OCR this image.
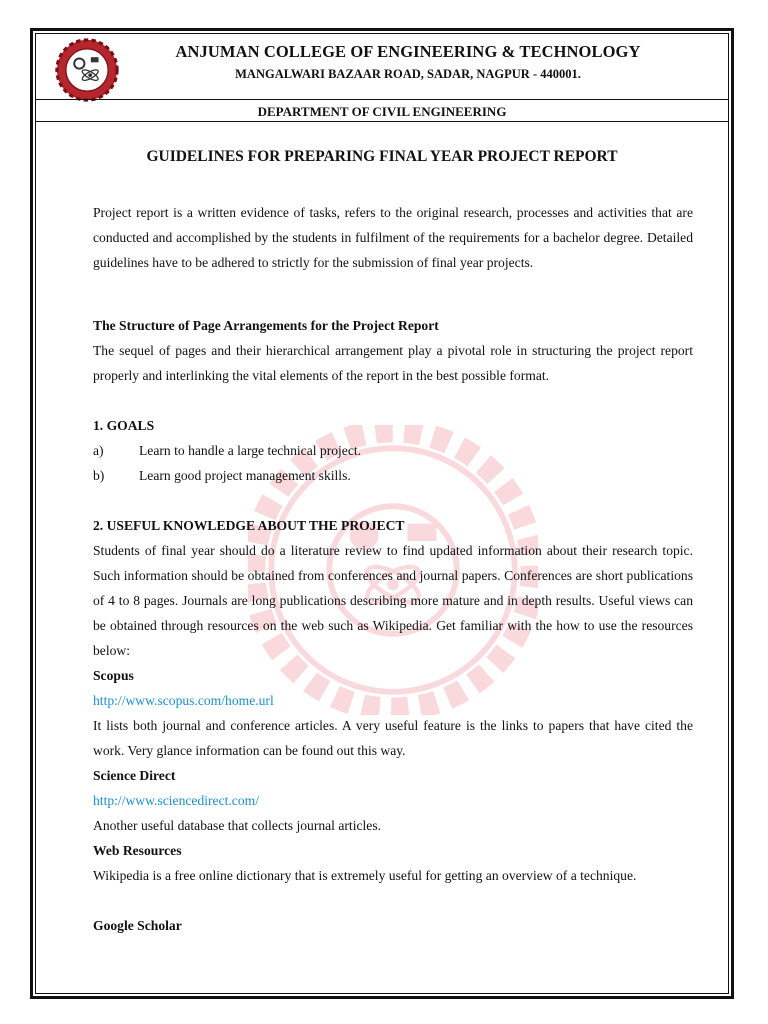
ANJUMAN COLLEGE OF ENGINEERING & TECHNOLOGY
MANGALWARI BAZAAR ROAD, SADAR, NAGPUR - 440001.
DEPARTMENT OF CIVIL ENGINEERING
GUIDELINES FOR PREPARING FINAL YEAR PROJECT REPORT

Project report is a written evidence of tasks, refers to the original research, processes and activities that are conducted and accomplished by the students in fulfilment of the requirements for a bachelor degree. Detailed guidelines have to be adhered to strictly for the submission of final year projects.

The Structure of Page Arrangements for the Project Report

The sequel of pages and their hierarchical arrangement play a pivotal role in structuring the project report properly and interlinking the vital elements of the report in the best possible format.

1. GOALS

a)	Learn to handle a large technical project.
b)	Learn good project management skills.

2. USEFUL KNOWLEDGE ABOUT THE PROJECT

Students of final year should do a literature review to find updated information about their research topic. Such information should be obtained from conferences and journal papers. Conferences are short publications of 4 to 8 pages. Journals are long publications describing more mature and in depth results. Useful views can be obtained through resources on the web such as Wikipedia. Get familiar with the how to use the resources below:

Scopus

http://www.scopus.com/home.url

It lists both journal and conference articles. A very useful feature is the links to papers that have cited the work. Very glance information can be found out this way.

Science Direct

http://www.sciencedirect.com/

Another useful database that collects journal articles.

Web Resources

Wikipedia is a free online dictionary that is extremely useful for getting an overview of a technique.

Google Scholar
